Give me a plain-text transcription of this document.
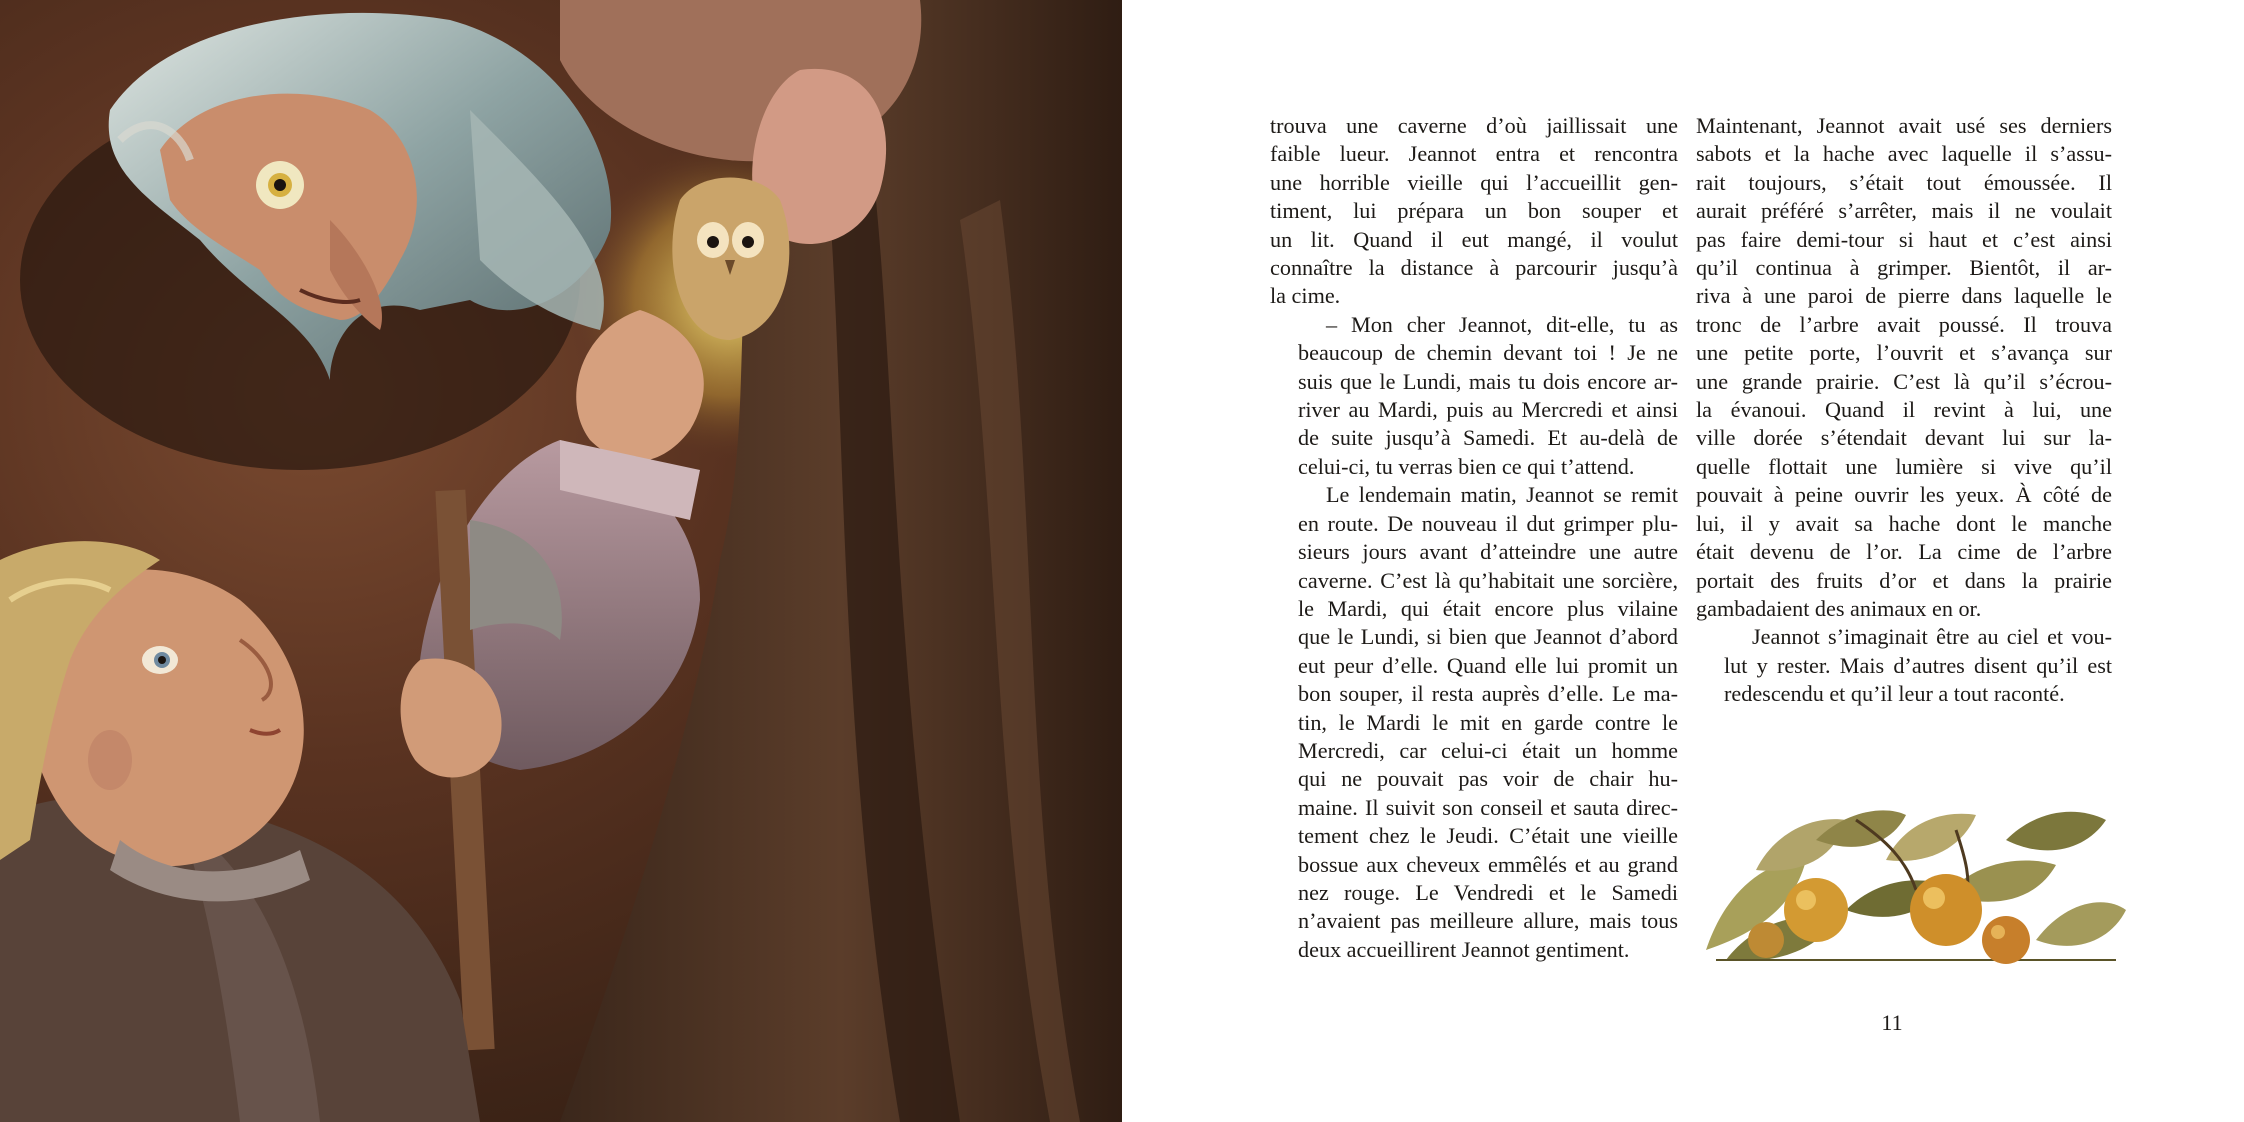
trouva une caverne d’où jaillissait une
faible lueur. Jeannot entra et rencontra
une horrible vieille qui l’accueillit gen-
timent, lui prépara un bon souper et
un lit. Quand il eut mangé, il voulut
connaître la distance à parcourir jusqu’à
la cime.

– Mon cher Jeannot, dit-elle, tu as
beaucoup de chemin devant toi ! Je ne
suis que le Lundi, mais tu dois encore ar-
river au Mardi, puis au Mercredi et ainsi
de suite jusqu’à Samedi. Et au-delà de
celui-ci, tu verras bien ce qui t’attend.

Le lendemain matin, Jeannot se remit
en route. De nouveau il dut grimper plu-
sieurs jours avant d’atteindre une autre
caverne. C’est là qu’habitait une sorcière,
le Mardi, qui était encore plus vilaine
que le Lundi, si bien que Jeannot d’abord
eut peur d’elle. Quand elle lui promit un
bon souper, il resta auprès d’elle. Le ma-
tin, le Mardi le mit en garde contre le
Mercredi, car celui-ci était un homme
qui ne pouvait pas voir de chair hu-
maine. Il suivit son conseil et sauta direc-
tement chez le Jeudi. C’était une vieille
bossue aux cheveux emmêlés et au grand
nez rouge. Le Vendredi et le Samedi
n’avaient pas meilleure allure, mais tous
deux accueillirent Jeannot gentiment.

Maintenant, Jeannot avait usé ses derniers
sabots et la hache avec laquelle il s’assu-
rait toujours, s’était tout émoussée. Il
aurait préféré s’arrêter, mais il ne voulait
pas faire demi-tour si haut et c’est ainsi
qu’il continua à grimper. Bientôt, il ar-
riva à une paroi de pierre dans laquelle le
tronc de l’arbre avait poussé. Il trouva
une petite porte, l’ouvrit et s’avança sur
une grande prairie. C’est là qu’il s’écrou-
la évanoui. Quand il revint à lui, une
ville dorée s’étendait devant lui sur la-
quelle flottait une lumière si vive qu’il
pouvait à peine ouvrir les yeux. À côté de
lui, il y avait sa hache dont le manche
était devenu de l’or. La cime de l’arbre
portait des fruits d’or et dans la prairie
gambadaient des animaux en or.

Jeannot s’imaginait être au ciel et vou-
lut y rester. Mais d’autres disent qu’il est
redescendu et qu’il leur a tout raconté.

11
